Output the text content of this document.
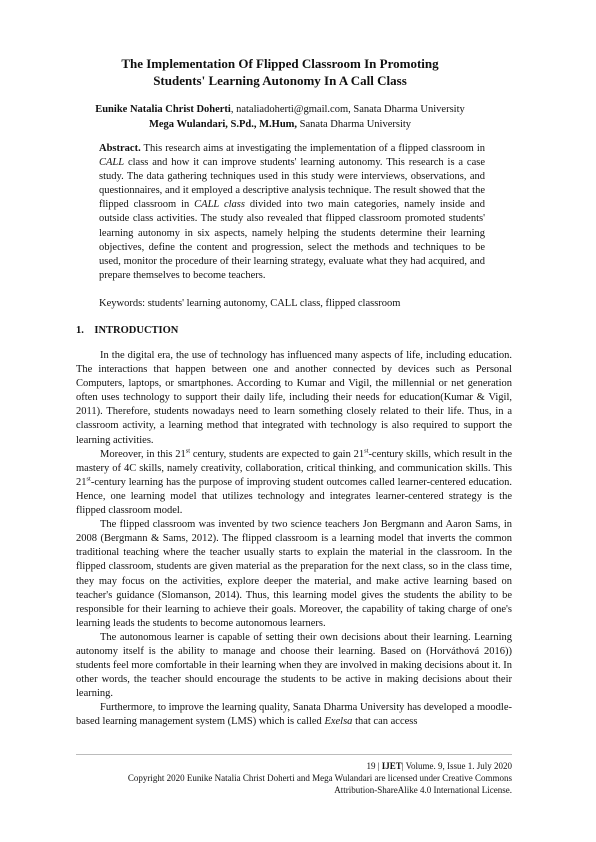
The Implementation Of Flipped Classroom In Promoting
Students' Learning Autonomy In A Call Class
Eunike Natalia Christ Doherti, nataliadoherti@gmail.com, Sanata Dharma University
Mega Wulandari, S.Pd., M.Hum, Sanata Dharma University
Abstract. This research aims at investigating the implementation of a flipped classroom in CALL class and how it can improve students' learning autonomy. This research is a case study. The data gathering techniques used in this study were interviews, observations, and questionnaires, and it employed a descriptive analysis technique. The result showed that the flipped classroom in CALL class divided into two main categories, namely inside and outside class activities. The study also revealed that flipped classroom promoted students' learning autonomy in six aspects, namely helping the students determine their learning objectives, define the content and progression, select the methods and techniques to be used, monitor the procedure of their learning strategy, evaluate what they had acquired, and prepare themselves to become teachers.
Keywords: students' learning autonomy, CALL class, flipped classroom
1. INTRODUCTION

In the digital era, the use of technology has influenced many aspects of life, including education. The interactions that happen between one and another connected by devices such as Personal Computers, laptops, or smartphones. According to Kumar and Vigil, the millennial or net generation often uses technology to support their daily life, including their needs for education(Kumar & Vigil, 2011). Therefore, students nowadays need to learn something closely related to their life. Thus, in a classroom activity, a learning method that integrated with technology is also required to support the learning activities.

Moreover, in this 21st century, students are expected to gain 21st-century skills, which result in the mastery of 4C skills, namely creativity, collaboration, critical thinking, and communication skills. This 21st-century learning has the purpose of improving student outcomes called learner-centered education. Hence, one learning model that utilizes technology and integrates learner-centered strategy is the flipped classroom model.

The flipped classroom was invented by two science teachers Jon Bergmann and Aaron Sams, in 2008 (Bergmann & Sams, 2012). The flipped classroom is a learning model that inverts the common traditional teaching where the teacher usually starts to explain the material in the classroom. In the flipped classroom, students are given material as the preparation for the next class, so in the class time, they may focus on the activities, explore deeper the material, and make active learning based on teacher's guidance (Slomanson, 2014). Thus, this learning model gives the students the ability to be responsible for their learning to achieve their goals. Moreover, the capability of taking charge of one's learning leads the students to become autonomous learners.

The autonomous learner is capable of setting their own decisions about their learning. Learning autonomy itself is the ability to manage and choose their learning. Based on (Horváthová 2016)) students feel more comfortable in their learning when they are involved in making decisions about it. In other words, the teacher should encourage the students to be active in making decisions about their learning.

Furthermore, to improve the learning quality, Sanata Dharma University has developed a moodle-based learning management system (LMS) which is called Exelsa that can access

19 | IJET| Volume. 9, Issue 1. July 2020
Copyright 2020 Eunike Natalia Christ Doherti and Mega Wulandari are licensed under Creative Commons
Attribution-ShareAlike 4.0 International License.
